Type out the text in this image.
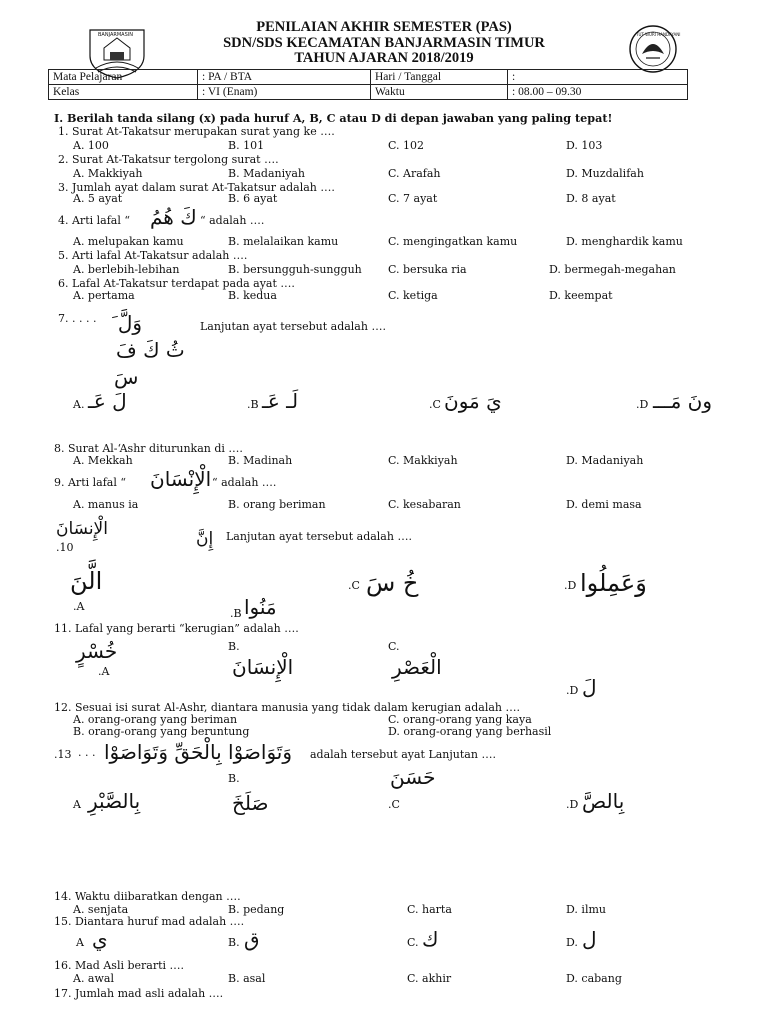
BANJARMASIN	TUT WURI HANDAYANI
PENILAIAN AKHIR SEMESTER (PAS)
SDN/SDS KECAMATAN BANJARMASIN TIMUR
TAHUN AJARAN 2018/2019
Mata Pelajaran	: PA / BTA	Hari / Tanggal	:
Kelas	: VI (Enam)	Waktu	: 08.00 – 09.30
I. Berilah tanda silang (x) pada huruf A, B, C atau D di depan jawaban yang paling tepat!
1. Surat At-Takatsur merupakan surat yang ke ….
A. 100	B. 101	C. 102	D. 103
2. Surat At-Takatsur tergolong surat ….
A. Makkiyah	B. Madaniyah	C. Arafah	D. Muzdalifah
3. Jumlah ayat dalam surat At-Takatsur adalah ….
A. 5 ayat	B. 6 ayat	C. 7 ayat	D. 8 ayat
4. Arti lafal “ كَ هُمُ “ adalah ….
A. melupakan kamu	B. melalaikan kamu	C. mengingatkan kamu	D. menghardik kamu
5. Arti lafal At-Takatsur adalah ….
A. berlebih-lebihan	B. bersungguh-sungguh C. bersuka ria	D. bermegah-megahan
6. Lafal At-Takatsur terdapat pada ayat ….
A. pertama	B. kedua	C. ketiga	D. keempat
7. . . . . وَلَّ َ
ثُ كَ فَ
سَ
Lanjutan ayat tersebut adalah ….
A. لَ عَـ	.B لَـ عَـ	.C يَ مَونَ	.D ونَ مَـــ
8. Surat Al-‘Ashr diturunkan di ….
A. Mekkah	B. Madinah	C. Makkiyah	D. Madaniyah
9. Arti lafal “ الْإِنْسَانَ “ adalah ….
A. manus ia	B. orang beriman	C. kesabaran	D. demi masa
الْإِنسَانَ
.10	إِنَّ Lanjutan ayat tersebut adalah ….
الَّنَ
.A
.B مَنُوا
.C خُ سَ	.D وَعَمِلُوا
11. Lafal yang berarti “kerugian” adalah ….
خُسْرٍ
.A
B.
الْإِنسَانَ
C.
الْعَصْرِ
.D لَ
12. Sesuai isi surat Al-Ashr, diantara manusia yang tidak dalam kerugian adalah ….
A. orang-orang yang beriman
B. orang-orang yang beruntung
C. orang-orang yang kaya
D. orang-orang yang berhasil
.13 . . . وَتَوَاصَوْا بِالْحَقِّ وَتَوَاصَوْا adalah tersebut ayat Lanjutan ….
A بِالصَّبْرِ
B.
صَلَخَ	.C
حَسَنَ
.D بِالصَّ
14. Waktu diibaratkan dengan ….
A. senjata	B. pedang	C. harta	D. ilmu
15. Diantara huruf mad adalah ….
A ي	B. ق	C. ك	D. ل
16. Mad Asli berarti ….
A. awal	B. asal	C. akhir	D. cabang
17. Jumlah mad asli adalah ….
